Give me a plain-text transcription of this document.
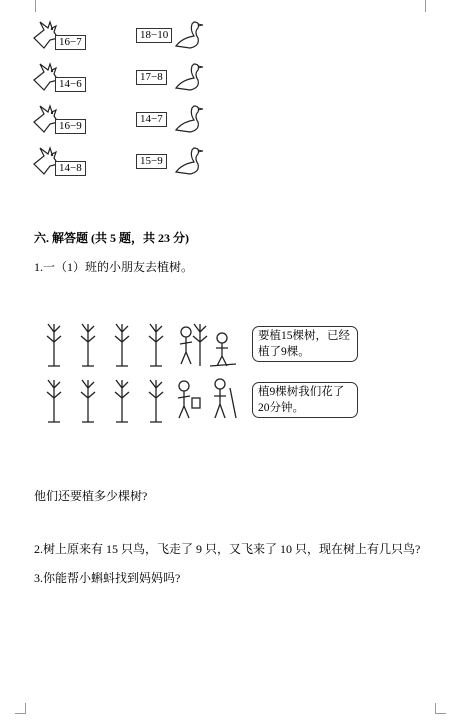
16−7
18−10
14−6
17−8
16−9
14−7
14−8
15−9
六. 解答题 (共 5 题，共 23 分)
1.一（1）班的小朋友去植树。
要植15棵树，已经植了9棵。
植9棵树我们花了20分钟。
他们还要植多少棵树?
2.树上原来有 15 只鸟，飞走了 9 只，又飞来了 10 只，现在树上有几只鸟?
3.你能帮小蝌蚪找到妈妈吗?
